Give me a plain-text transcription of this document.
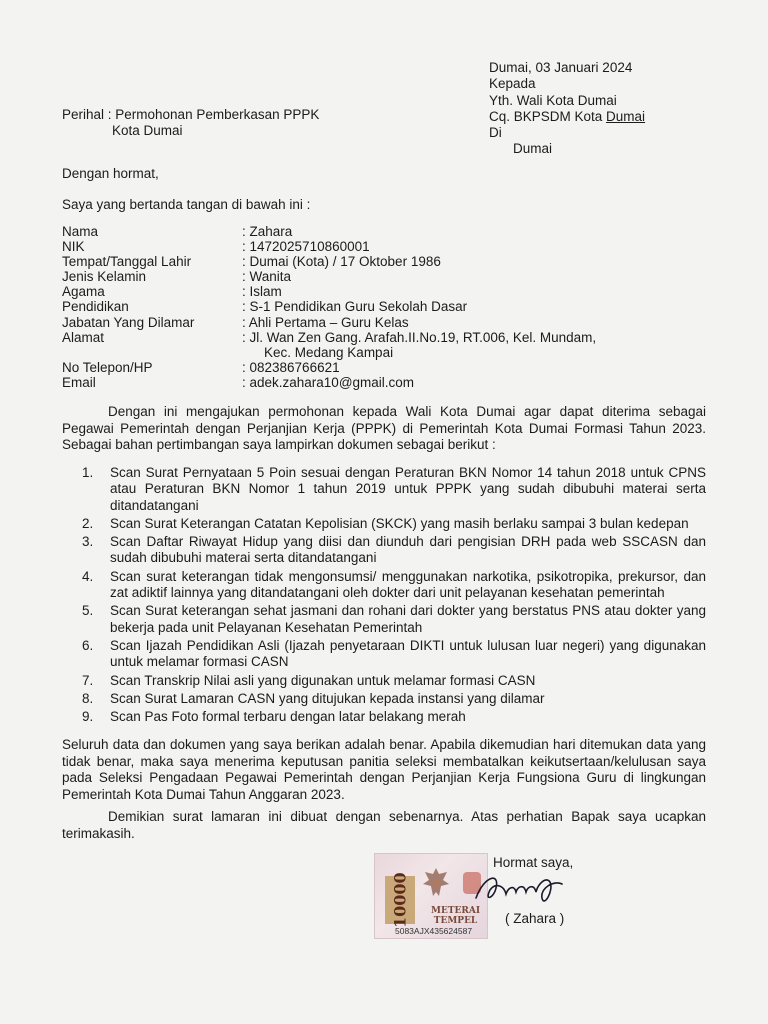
Dumai, 03 Januari 2024
Kepada
Yth. Wali Kota Dumai
Cq. BKPSDM Kota Dumai
Di
Dumai
Perihal : Permohonan Pemberkasan PPPK
Kota Dumai
Dengan hormat,
Saya yang bertanda tangan di bawah ini :
Nama	: Zahara
NIK	: 1472025710860001
Tempat/Tanggal Lahir	: Dumai (Kota) / 17 Oktober 1986
Jenis Kelamin	: Wanita
Agama	: Islam
Pendidikan	: S-1 Pendidikan Guru Sekolah Dasar
Jabatan Yang Dilamar	: Ahli Pertama – Guru Kelas
Alamat	: Jl. Wan Zen Gang. Arafah.II.No.19, RT.006, Kel. Mundam,
Kec. Medang Kampai
No Telepon/HP	: 082386766621
Email	: adek.zahara10@gmail.com
Dengan ini mengajukan permohonan kepada Wali Kota Dumai agar dapat diterima sebagai Pegawai Pemerintah dengan Perjanjian Kerja (PPPK) di Pemerintah Kota Dumai Formasi Tahun 2023. Sebagai bahan pertimbangan saya lampirkan dokumen sebagai berikut :
1.	Scan Surat Pernyataan 5 Poin sesuai dengan Peraturan BKN Nomor 14 tahun 2018 untuk CPNS atau Peraturan BKN Nomor 1 tahun 2019 untuk PPPK yang sudah dibubuhi materai serta ditandatangani
2.	Scan Surat Keterangan Catatan Kepolisian (SKCK) yang masih berlaku sampai 3 bulan kedepan
3.	Scan Daftar Riwayat Hidup yang diisi dan diunduh dari pengisian DRH pada web SSCASN dan sudah dibubuhi materai serta ditandatangani
4.	Scan surat keterangan tidak mengonsumsi/ menggunakan narkotika, psikotropika, prekursor, dan zat adiktif lainnya yang ditandatangani oleh dokter dari unit pelayanan kesehatan pemerintah
5.	Scan Surat keterangan sehat jasmani dan rohani dari dokter yang berstatus PNS atau dokter yang bekerja pada unit Pelayanan Kesehatan Pemerintah
6.	Scan Ijazah Pendidikan Asli (Ijazah penyetaraan DIKTI untuk lulusan luar negeri) yang digunakan untuk melamar formasi CASN
7.	Scan Transkrip Nilai asli yang digunakan untuk melamar formasi CASN
8.	Scan Surat Lamaran CASN yang ditujukan kepada instansi yang dilamar
9.	Scan Pas Foto formal terbaru dengan latar belakang merah
Seluruh data dan dokumen yang saya berikan adalah benar. Apabila dikemudian hari ditemukan data yang tidak benar, maka saya menerima keputusan panitia seleksi membatalkan keikutsertaan/kelulusan saya pada Seleksi Pengadaan Pegawai Pemerintah dengan Perjanjian Kerja Fungsiona Guru di lingkungan Pemerintah Kota Dumai Tahun Anggaran 2023.
Demikian surat lamaran ini dibuat dengan sebenarnya. Atas perhatian Bapak saya ucapkan terimakasih.
Hormat saya,
10000	METERAI
TEMPEL
5083AJX435624587
( Zahara )
